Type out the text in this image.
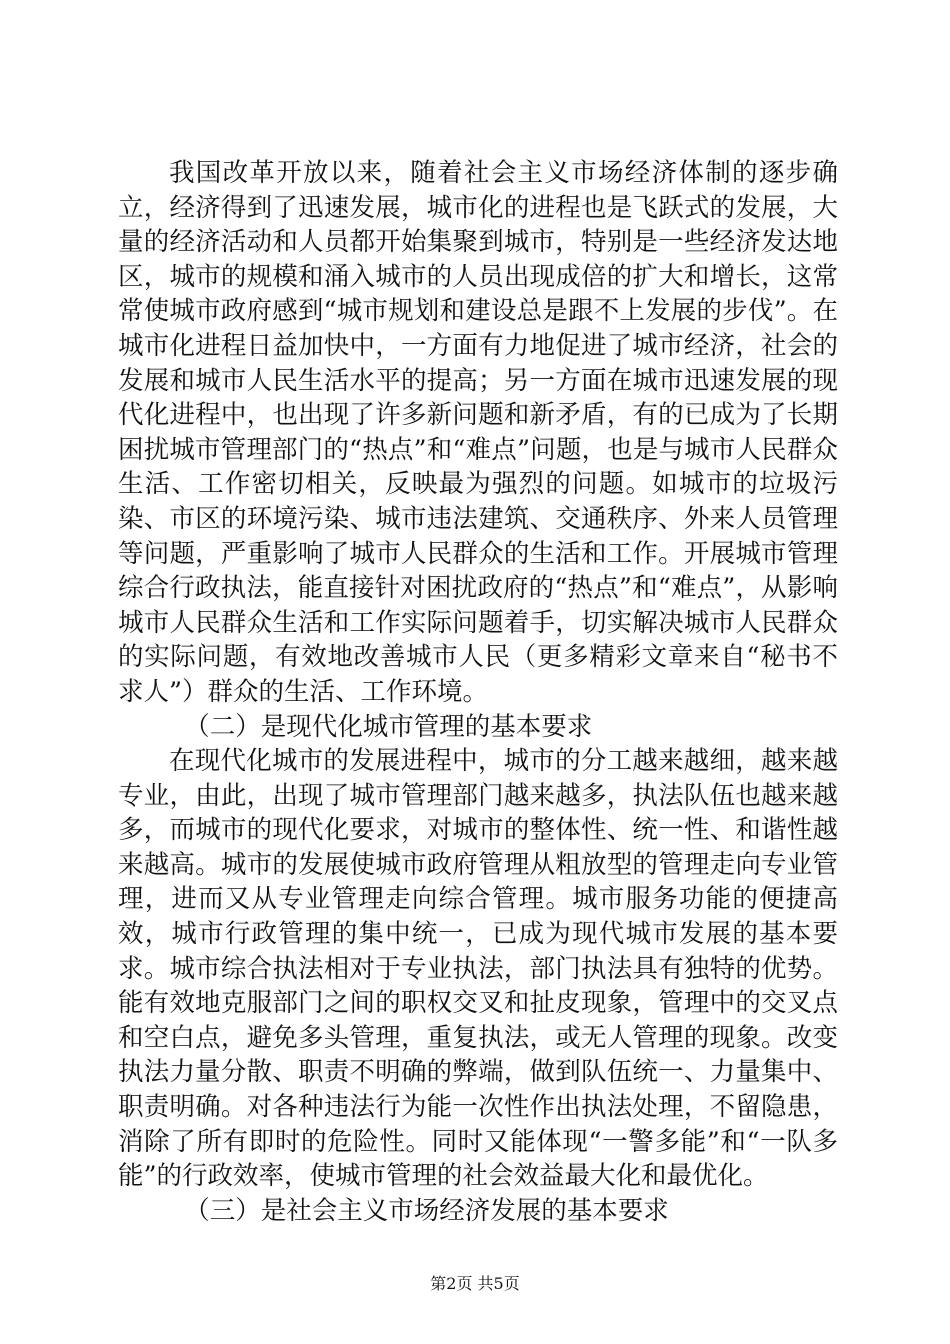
我国改革开放以来，随着社会主义市场经济体制的逐步确立，经济得到了迅速发展，城市化的进程也是飞跃式的发展，大量的经济活动和人员都开始集聚到城市，特别是一些经济发达地区，城市的规模和涌入城市的人员出现成倍的扩大和增长，这常常使城市政府感到“城市规划和建设总是跟不上发展的步伐”。在城市化进程日益加快中，一方面有力地促进了城市经济，社会的发展和城市人民生活水平的提高；另一方面在城市迅速发展的现代化进程中，也出现了许多新问题和新矛盾，有的已成为了长期困扰城市管理部门的“热点”和“难点”问题，也是与城市人民群众生活、工作密切相关，反映最为强烈的问题。如城市的垃圾污染、市区的环境污染、城市违法建筑、交通秩序、外来人员管理等问题，严重影响了城市人民群众的生活和工作。开展城市管理综合行政执法，能直接针对困扰政府的“热点”和“难点”，从影响城市人民群众生活和工作实际问题着手，切实解决城市人民群众的实际问题，有效地改善城市人民（更多精彩文章来自“秘书不求人”）群众的生活、工作环境。

（二）是现代化城市管理的基本要求

在现代化城市的发展进程中，城市的分工越来越细，越来越专业，由此，出现了城市管理部门越来越多，执法队伍也越来越多，而城市的现代化要求，对城市的整体性、统一性、和谐性越来越高。城市的发展使城市政府管理从粗放型的管理走向专业管理，进而又从专业管理走向综合管理。城市服务功能的便捷高效，城市行政管理的集中统一，已成为现代城市发展的基本要求。城市综合执法相对于专业执法，部门执法具有独特的优势。能有效地克服部门之间的职权交叉和扯皮现象，管理中的交叉点和空白点，避免多头管理，重复执法，或无人管理的现象。改变执法力量分散、职责不明确的弊端，做到队伍统一、力量集中、职责明确。对各种违法行为能一次性作出执法处理，不留隐患，消除了所有即时的危险性。同时又能体现“一警多能”和“一队多能”的行政效率，使城市管理的社会效益最大化和最优化。

（三）是社会主义市场经济发展的基本要求

第2页 共5页
